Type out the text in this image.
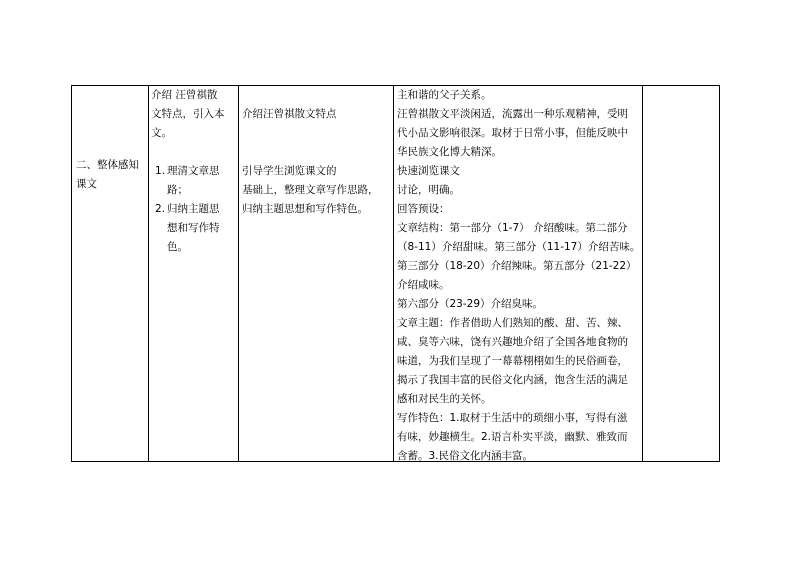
二、整体感知课文
介绍 汪曾祺散
文特点，引入本
文。
1. 理清文章思
路；
2. 归纳主题思
想和写作特
色。
介绍汪曾祺散文特点
引导学生浏览课文的
基础上，整理文章写作思路，
归纳主题思想和写作特色。
主和谐的父子关系。
汪曾祺散文平淡闲适，流露出一种乐观精神，受明
代小品文影响很深。取材于日常小事，但能反映中
华民族文化博大精深。
快速浏览课文
讨论，明确。
回答预设：
文章结构：第一部分（1-7） 介绍酸味。第二部分
（8-11）介绍甜味。第三部分（11-17）介绍苦味。
第三部分（18-20）介绍辣味。第五部分（21-22）
介绍咸味。
第六部分（23-29）介绍臭味。
文章主题：作者借助人们熟知的酸、甜、苦、辣、
咸、臭等六味，饶有兴趣地介绍了全国各地食物的
味道，为我们呈现了一幕幕栩栩如生的民俗画卷，
揭示了我国丰富的民俗文化内涵，饱含生活的满足
感和对民生的关怀。
写作特色：1.取材于生活中的琐细小事，写得有滋
有味，妙趣横生。2.语言朴实平淡，幽默、雅致而
含蓄。3.民俗文化内涵丰富。
